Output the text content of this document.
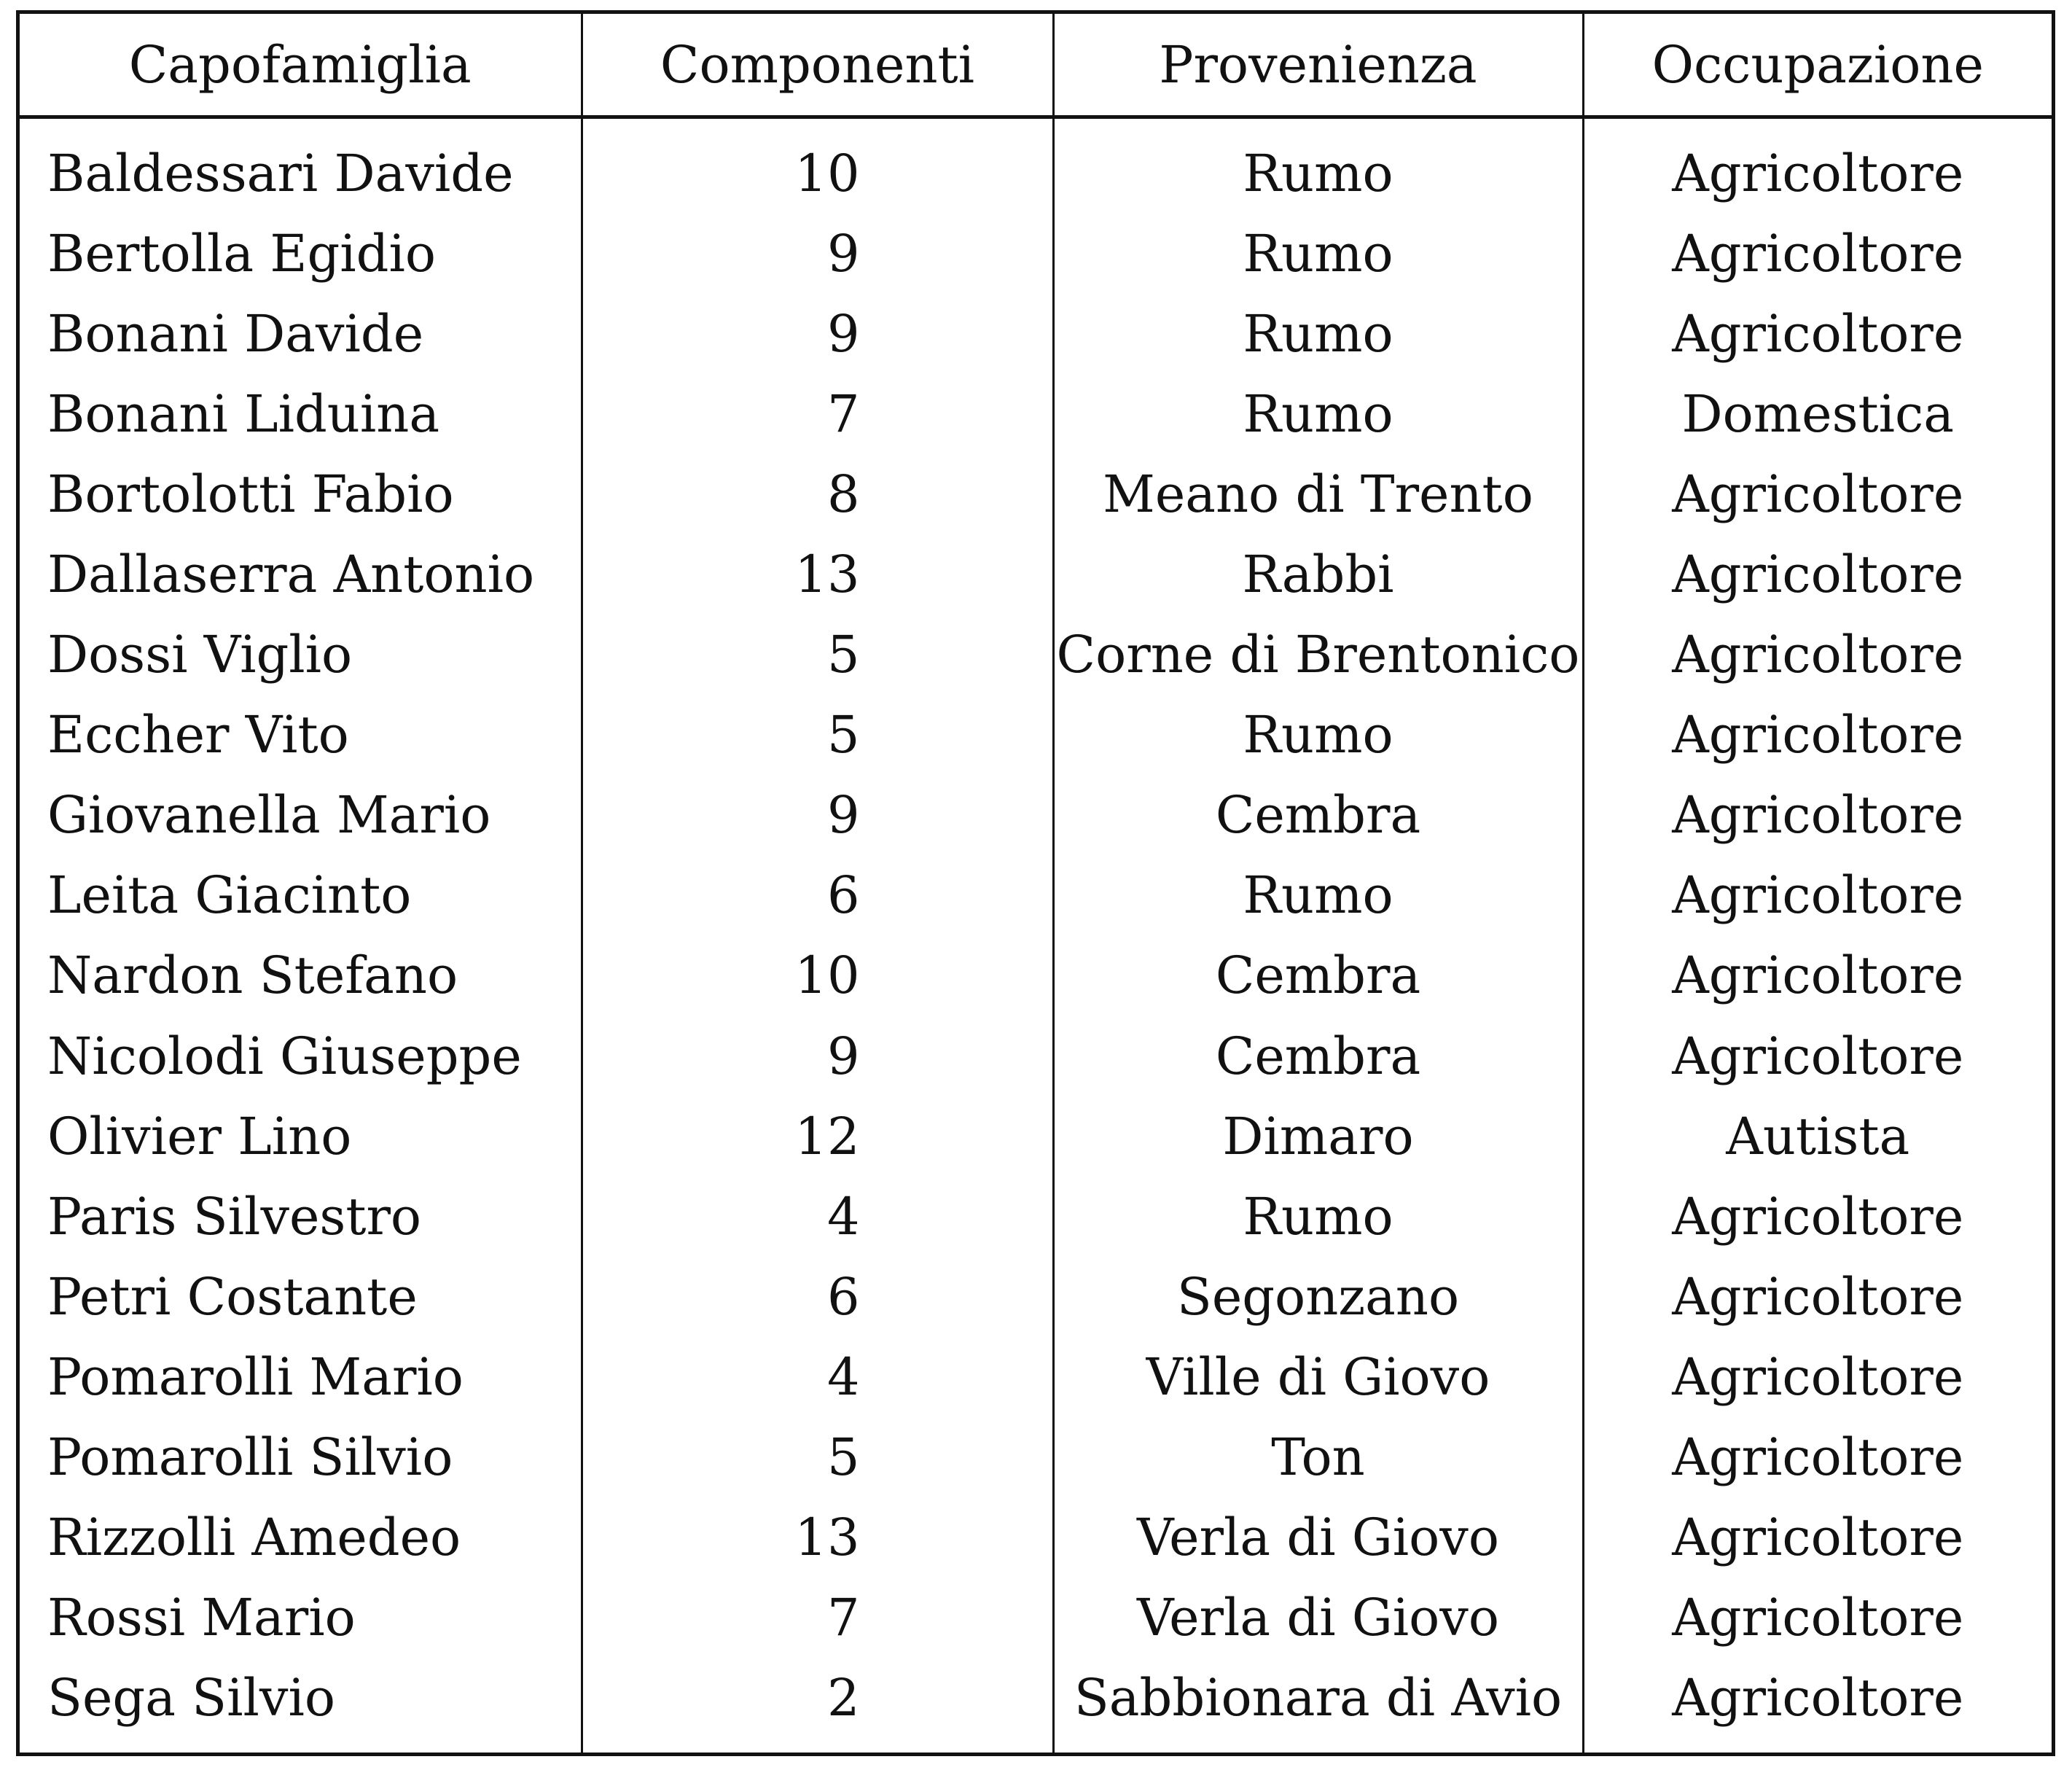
Capofamiglia	Componenti	Provenienza	Occupazione
Baldessari Davide	10	Rumo	Agricoltore
Bertolla Egidio	9	Rumo	Agricoltore
Bonani Davide	9	Rumo	Agricoltore
Bonani Liduina	7	Rumo	Domestica
Bortolotti Fabio	8	Meano di Trento	Agricoltore
Dallaserra Antonio	13	Rabbi	Agricoltore
Dossi Viglio	5	Corne di Brentonico	Agricoltore
Eccher Vito	5	Rumo	Agricoltore
Giovanella Mario	9	Cembra	Agricoltore
Leita Giacinto	6	Rumo	Agricoltore
Nardon Stefano	10	Cembra	Agricoltore
Nicolodi Giuseppe	9	Cembra	Agricoltore
Olivier Lino	12	Dimaro	Autista
Paris Silvestro	4	Rumo	Agricoltore
Petri Costante	6	Segonzano	Agricoltore
Pomarolli Mario	4	Ville di Giovo	Agricoltore
Pomarolli Silvio	5	Ton	Agricoltore
Rizzolli Amedeo	13	Verla di Giovo	Agricoltore
Rossi Mario	7	Verla di Giovo	Agricoltore
Sega Silvio	2	Sabbionara di Avio	Agricoltore
